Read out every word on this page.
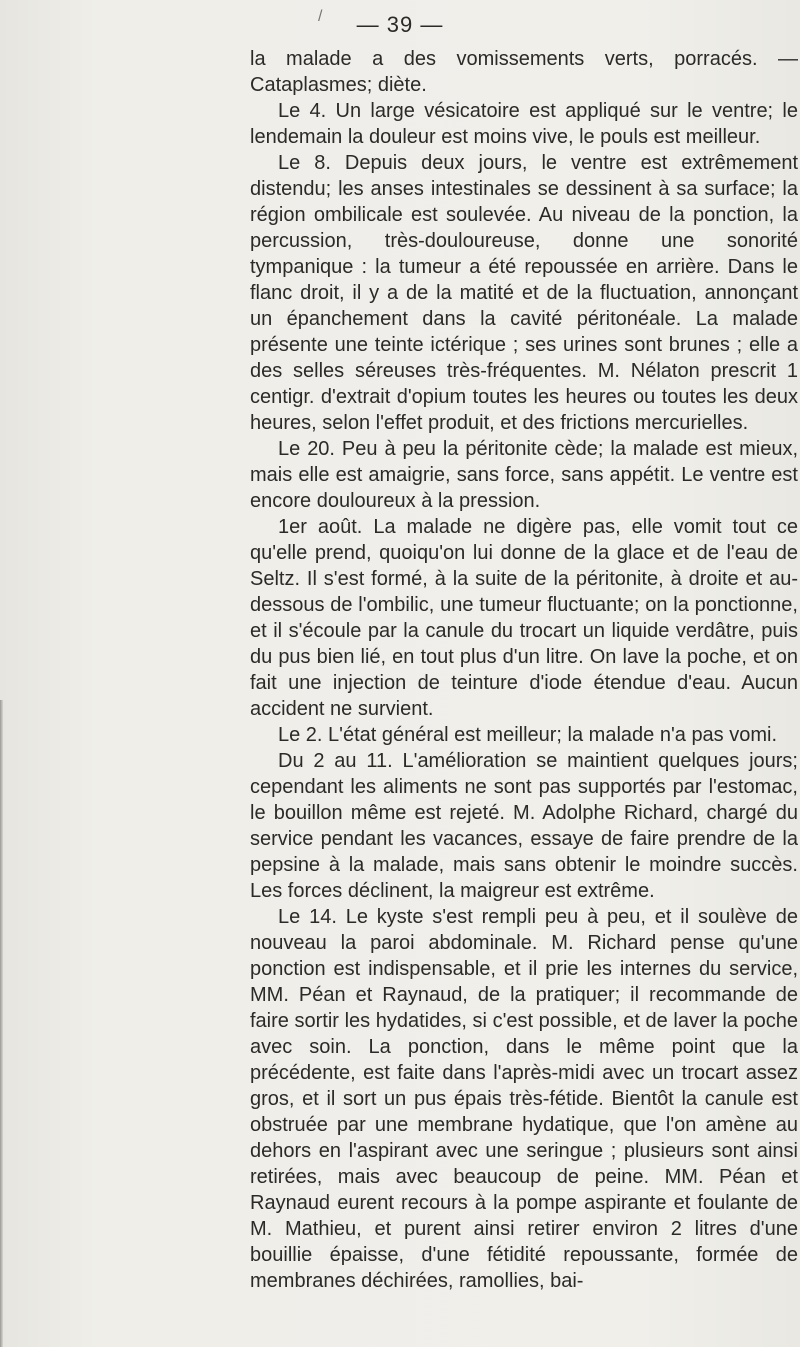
/	— 39 —

la malade a des vomissements verts, porracés. — Cataplasmes; diète.

Le 4. Un large vésicatoire est appliqué sur le ventre; le lendemain la douleur est moins vive, le pouls est meilleur.

Le 8. Depuis deux jours, le ventre est extrêmement distendu; les anses intestinales se dessinent à sa surface; la région ombilicale est soulevée. Au niveau de la ponction, la percussion, très-douloureuse, donne une sonorité tympanique : la tumeur a été repoussée en arrière. Dans le flanc droit, il y a de la matité et de la fluctuation, annonçant un épanchement dans la cavité péritonéale. La malade présente une teinte ictérique ; ses urines sont brunes ; elle a des selles séreuses très-fréquentes. M. Nélaton prescrit 1 centigr. d'extrait d'opium toutes les heures ou toutes les deux heures, selon l'effet produit, et des frictions mercurielles.

Le 20. Peu à peu la péritonite cède; la malade est mieux, mais elle est amaigrie, sans force, sans appétit. Le ventre est encore douloureux à la pression.

1er août. La malade ne digère pas, elle vomit tout ce qu'elle prend, quoiqu'on lui donne de la glace et de l'eau de Seltz. Il s'est formé, à la suite de la péritonite, à droite et au-dessous de l'ombilic, une tumeur fluctuante; on la ponctionne, et il s'écoule par la canule du trocart un liquide verdâtre, puis du pus bien lié, en tout plus d'un litre. On lave la poche, et on fait une injection de teinture d'iode étendue d'eau. Aucun accident ne survient.

Le 2. L'état général est meilleur; la malade n'a pas vomi.

Du 2 au 11. L'amélioration se maintient quelques jours; cependant les aliments ne sont pas supportés par l'estomac, le bouillon même est rejeté. M. Adolphe Richard, chargé du service pendant les vacances, essaye de faire prendre de la pepsine à la malade, mais sans obtenir le moindre succès. Les forces déclinent, la maigreur est extrême.

Le 14. Le kyste s'est rempli peu à peu, et il soulève de nouveau la paroi abdominale. M. Richard pense qu'une ponction est indispensable, et il prie les internes du service, MM. Péan et Raynaud, de la pratiquer; il recommande de faire sortir les hydatides, si c'est possible, et de laver la poche avec soin. La ponction, dans le même point que la précédente, est faite dans l'après-midi avec un trocart assez gros, et il sort un pus épais très-fétide. Bientôt la canule est obstruée par une membrane hydatique, que l'on amène au dehors en l'aspirant avec une seringue ; plusieurs sont ainsi retirées, mais avec beaucoup de peine. MM. Péan et Raynaud eurent recours à la pompe aspirante et foulante de M. Mathieu, et purent ainsi retirer environ 2 litres d'une bouillie épaisse, d'une fétidité repoussante, formée de membranes déchirées, ramollies, bai-
